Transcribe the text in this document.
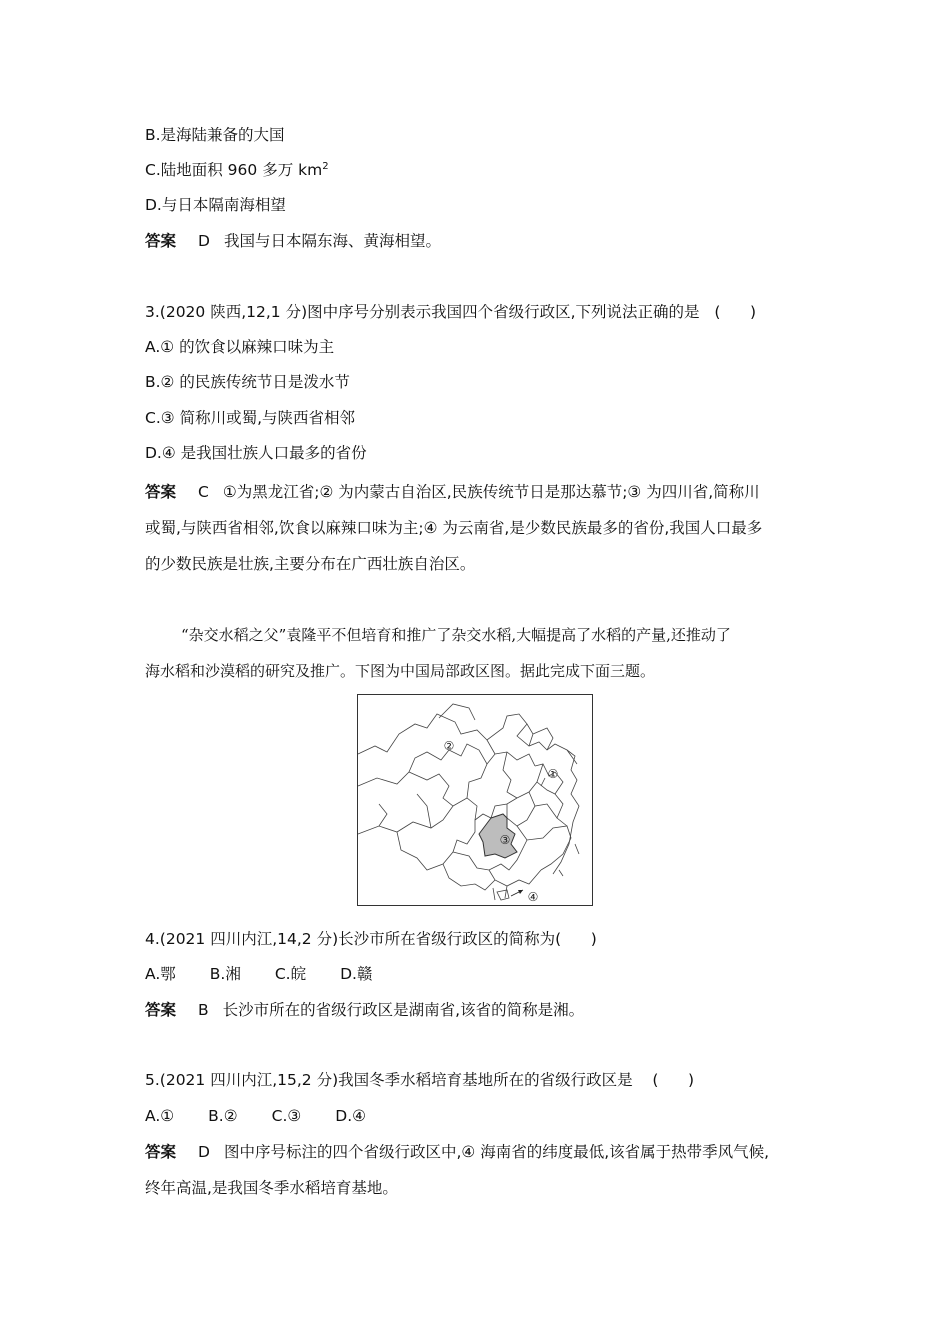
B.是海陆兼备的大国
C.陆地面积 960 多万 $km^2$
D.与日本隔南海相望
答案 D 我国与日本隔东海、黄海相望。
3.(2020 陕西,12,1 分)图中序号分别表示我国四个省级行政区,下列说法正确的是   (      )
A.① 的饮食以麻辣口味为主
B.② 的民族传统节日是泼水节
C.③ 简称川或蜀,与陕西省相邻
D.④ 是我国壮族人口最多的省份
答案 C ①为黑龙江省;② 为内蒙古自治区,民族传统节日是那达慕节;③ 为四川省,简称川
或蜀,与陕西省相邻,饮食以麻辣口味为主;④ 为云南省,是少数民族最多的省份,我国人口最多
的少数民族是壮族,主要分布在广西壮族自治区。
“杂交水稻之父”袁隆平不但培育和推广了杂交水稻,大幅提高了水稻的产量,还推动了
海水稻和沙漠稻的研究及推广。下图为中国局部政区图。据此完成下面三题。
①
②
③
④
4.(2021 四川内江,14,2 分)长沙市所在省级行政区的简称为(      )
A.鄂 B.湘 C.皖 D.赣
答案 B 长沙市所在的省级行政区是湖南省,该省的简称是湘。
5.(2021 四川内江,15,2 分)我国冬季水稻培育基地所在的省级行政区是    (      )
A.① B.② C.③ D.④
答案 D 图中序号标注的四个省级行政区中,④ 海南省的纬度最低,该省属于热带季风气候,
终年高温,是我国冬季水稻培育基地。
